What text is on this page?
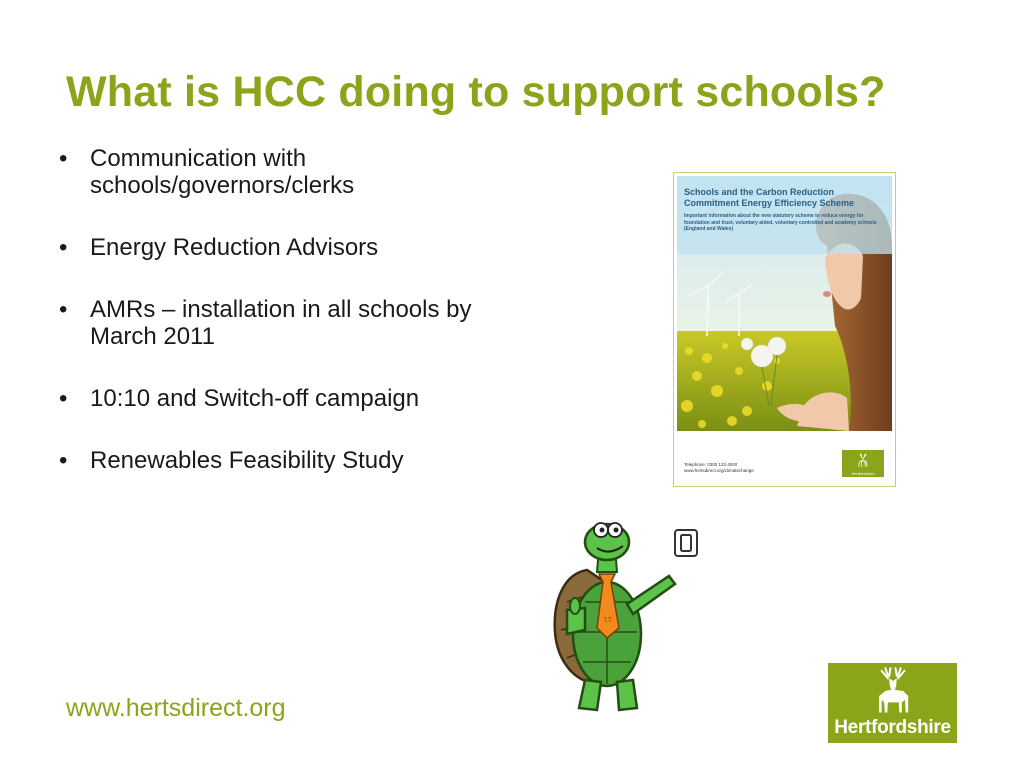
What is HCC doing to support schools?
• Communication with schools/governors/clerks
• Energy Reduction Advisors
• AMRs – installation in all schools by March 2011
• 10:10 and Switch-off campaign
• Renewables Feasibility Study
Schools and the Carbon Reduction Commitment Energy Efficiency Scheme
Important information about the new statutory scheme to reduce energy for foundation and trust, voluntary aided, voluntary controlled and academy schools (England and Wales)
Telephone: 0300 123 4040
www.hertsdirect.org/climatechange
Hertfordshire
T.T.
www.hertsdirect.org
Hertfordshire
